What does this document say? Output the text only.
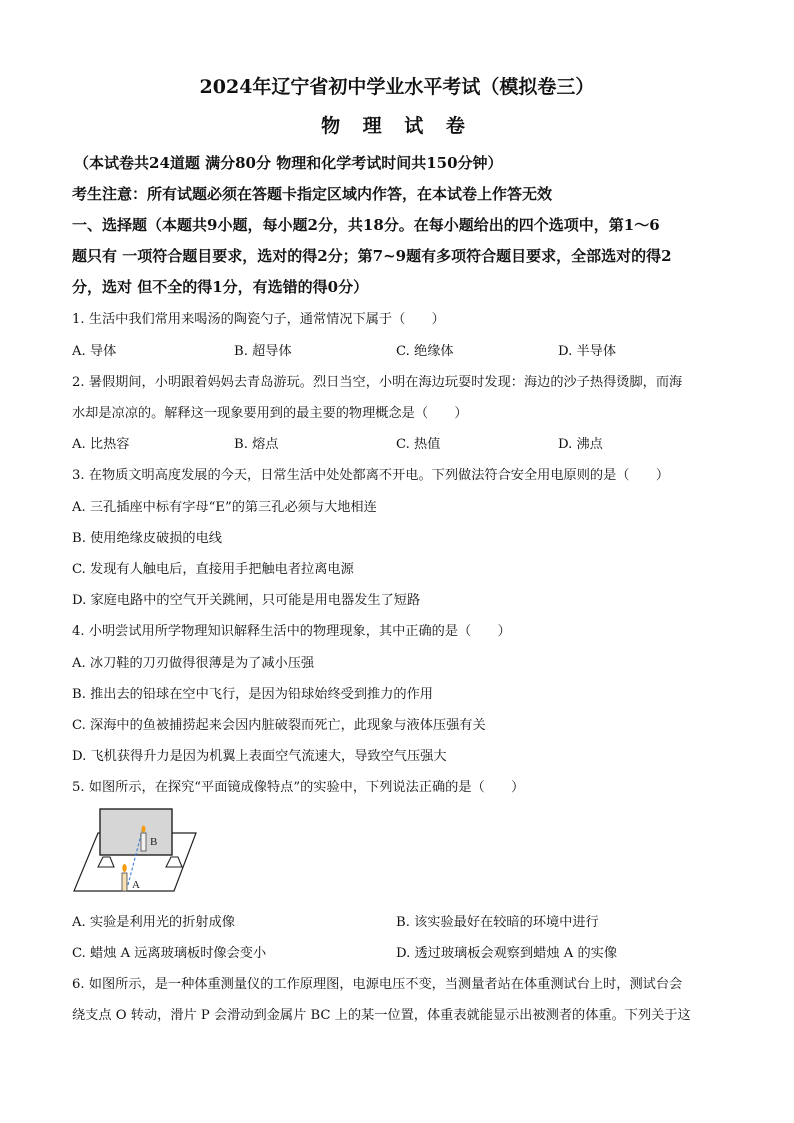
2024年辽宁省初中学业水平考试（模拟卷三）
物 理 试 卷
（本试卷共24道题 满分80分 物理和化学考试时间共150分钟）
考生注意：所有试题必须在答题卡指定区域内作答，在本试卷上作答无效
一、选择题（本题共9小题，每小题2分，共18分。在每小题给出的四个选项中，第1～6
题只有 一项符合题目要求，选对的得2分；第7~9题有多项符合题目要求，全部选对的得2
分，选对 但不全的得1分，有选错的得0分）
1. 生活中我们常用来喝汤的陶瓷勺子，通常情况下属于（　　）
A. 导体	B. 超导体	C. 绝缘体	D. 半导体
2. 暑假期间，小明跟着妈妈去青岛游玩。烈日当空，小明在海边玩耍时发现：海边的沙子热得烫脚，而海
水却是凉凉的。解释这一现象要用到的最主要的物理概念是（　　）
A. 比热容	B. 熔点	C. 热值	D. 沸点
3. 在物质文明高度发展的今天，日常生活中处处都离不开电。下列做法符合安全用电原则的是（　　）
A. 三孔插座中标有字母“E”的第三孔必须与大地相连
B. 使用绝缘皮破损的电线
C. 发现有人触电后，直接用手把触电者拉离电源
D. 家庭电路中的空气开关跳闸，只可能是用电器发生了短路
4. 小明尝试用所学物理知识解释生活中的物理现象，其中正确的是（　　）
A. 冰刀鞋的刀刃做得很薄是为了减小压强
B. 推出去的铅球在空中飞行，是因为铅球始终受到推力的作用
C. 深海中的鱼被捕捞起来会因内脏破裂而死亡，此现象与液体压强有关
D. 飞机获得升力是因为机翼上表面空气流速大，导致空气压强大
5. 如图所示，在探究“平面镜成像特点”的实验中，下列说法正确的是（　　）
B
A
A. 实验是利用光的折射成像	B. 该实验最好在较暗的环境中进行
C. 蜡烛 A 远离玻璃板时像会变小	D. 透过玻璃板会观察到蜡烛 A 的实像
6. 如图所示，是一种体重测量仪的工作原理图，电源电压不变，当测量者站在体重测试台上时，测试台会
绕支点 O 转动，滑片 P 会滑动到金属片 BC 上的某一位置，体重表就能显示出被测者的体重。下列关于这
